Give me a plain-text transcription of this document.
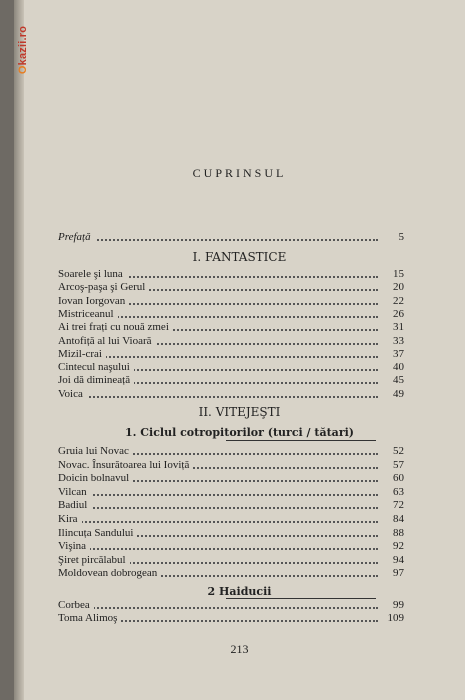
Okazii.ro
CUPRINSUL
Prefață	5
I. FANTASTICE
Soarele şi luna	15
Arcoş-paşa şi Gerul	20
Iovan Iorgovan	22
Mistriceanul	26
Ai trei frați cu nouă zmei	31
Antofiță al lui Vioară	33
Mizil-crai	37
Cintecul naşului	40
Joi dă dimineață	45
Voica	49
II. VITEJEŞTI
1. Ciclul cotropitorilor (turci / tătari)
Gruia lui Novac	52
Novac. Însurătoarea lui Ioviță	57
Doicin bolnavul	60
Vilcan	63
Badiul	72
Kira	84
Ilincuța Sandului	88
Vişina	92
Şiret pircălabul	94
Moldovean dobrogean	97
2 Haiducii
Corbea	99
Toma Alimoş	109
213
